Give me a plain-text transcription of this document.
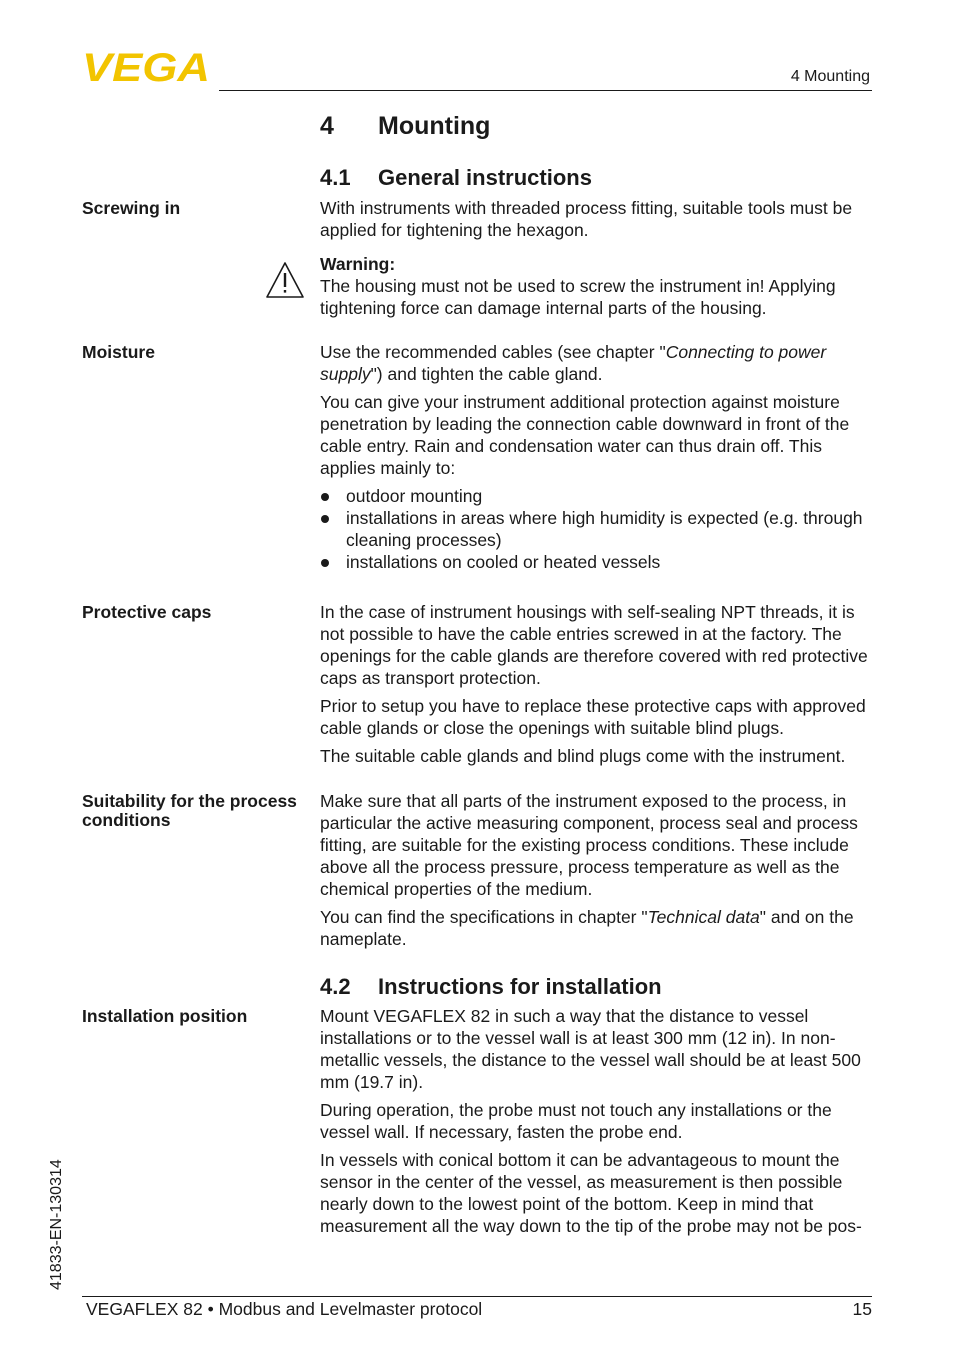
VEGA	4 Mounting
4 Mounting
4.1 General instructions
Screwing in	With instruments with threaded process fitting, suitable tools must be applied for tightening the hexagon.

Warning:

The housing must not be used to screw the instrument in! Applying tightening force can damage internal parts of the housing.

Moisture	Use the recommended cables (see chapter "Connecting to power supply") and tighten the cable gland.

You can give your instrument additional protection against moisture penetration by leading the connection cable downward in front of the cable entry. Rain and condensation water can thus drain off. This applies mainly to:

outdoor mounting
installations in areas where high humidity is expected (e.g. through cleaning processes)
installations on cooled or heated vessels
Protective caps	In the case of instrument housings with self-sealing NPT threads, it is not possible to have the cable entries screwed in at the factory. The openings for the cable glands are therefore covered with red protective caps as transport protection.

Prior to setup you have to replace these protective caps with approved cable glands or close the openings with suitable blind plugs.

The suitable cable glands and blind plugs come with the instrument.

Suitability for the process conditions

Make sure that all parts of the instrument exposed to the process, in particular the active measuring component, process seal and process fitting, are suitable for the existing process conditions. These include above all the process pressure, process temperature as well as the chemical properties of the medium.

You can find the specifications in chapter "Technical data" and on the nameplate.

4.2 Instructions for installation
Installation position	Mount VEGAFLEX 82 in such a way that the distance to vessel installations or to the vessel wall is at least 300 mm (12 in). In non-metallic vessels, the distance to the vessel wall should be at least 500 mm (19.7 in).

During operation, the probe must not touch any installations or the vessel wall. If necessary, fasten the probe end.

In vessels with conical bottom it can be advantageous to mount the sensor in the center of the vessel, as measurement is then possible nearly down to the lowest point of the bottom. Keep in mind that measurement all the way down to the tip of the probe may not be pos-

41833-EN-130314
VEGAFLEX 82 • Modbus and Levelmaster protocol	15
